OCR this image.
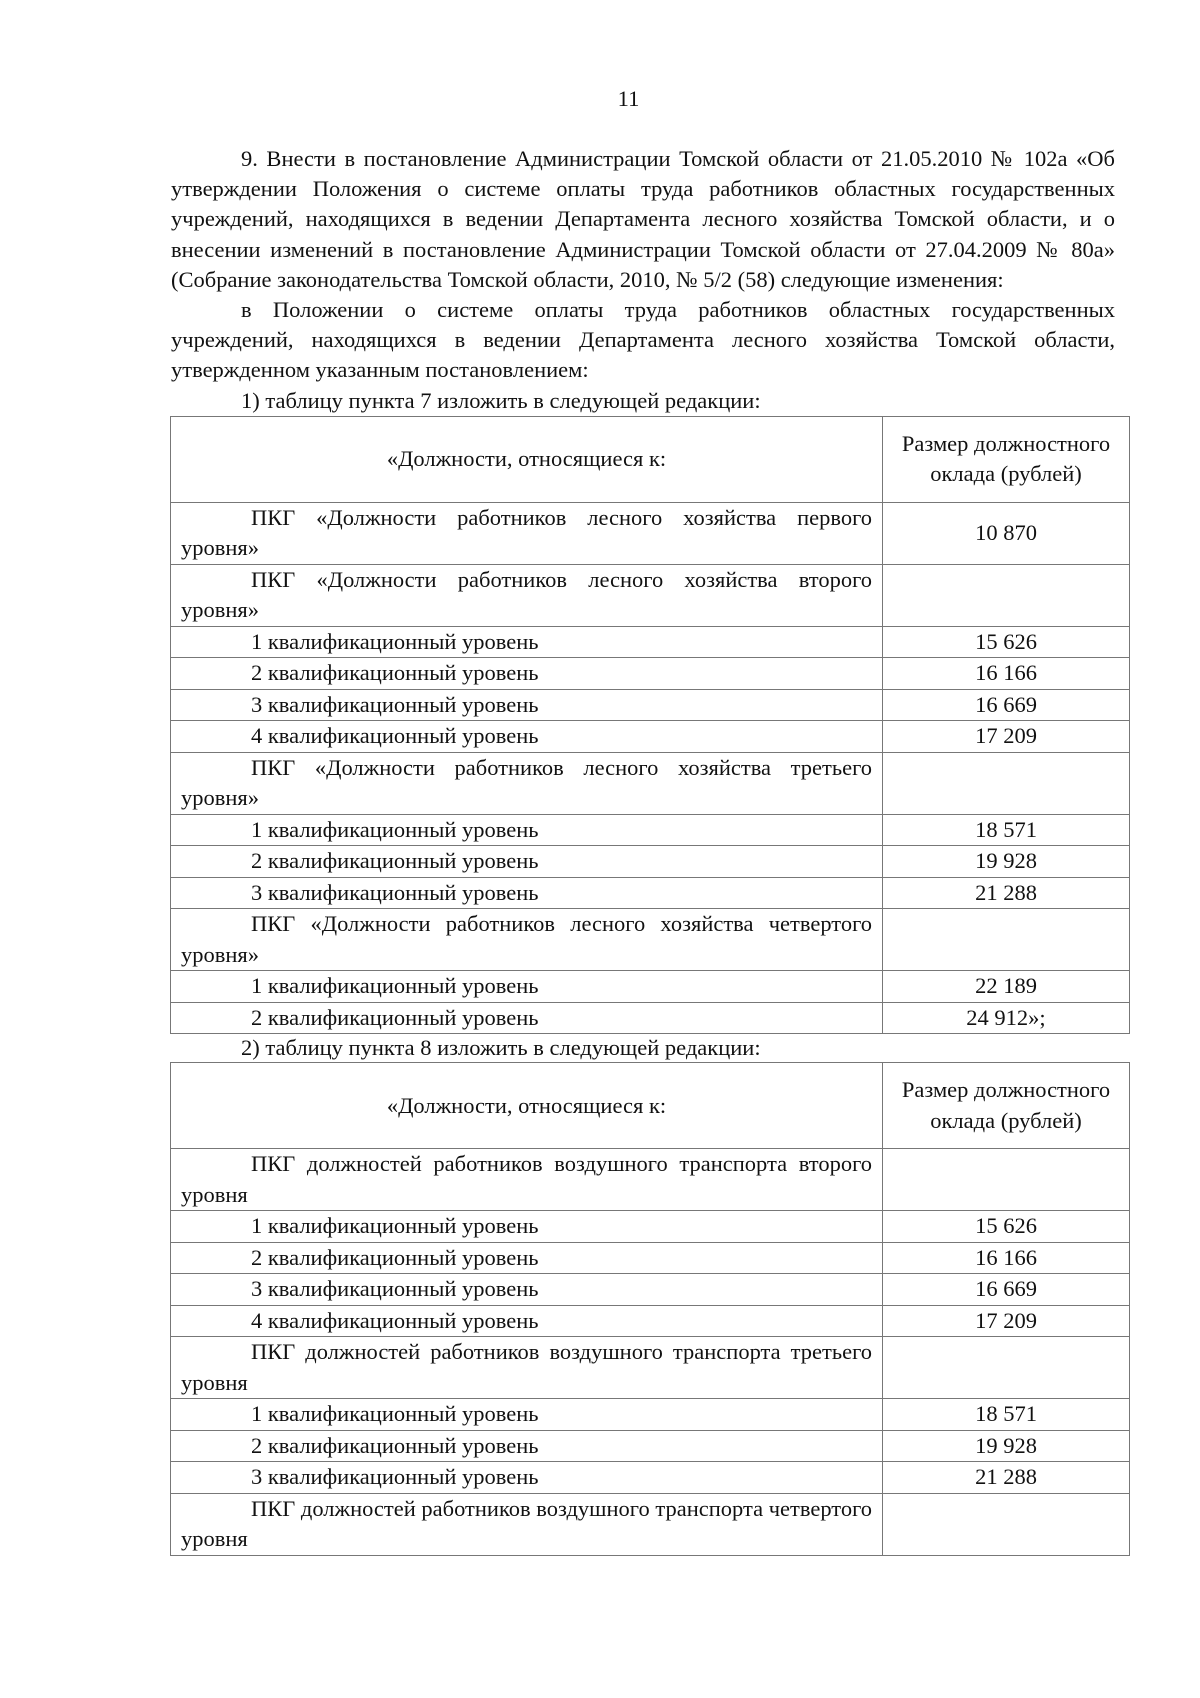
11

9. Внести в постановление Администрации Томской области от 21.05.2010 № 102а «Об утверждении Положения о системе оплаты труда работников областных государственных учреждений, находящихся в ведении Департамента лесного хозяйства Томской области, и о внесении изменений в постановление Администрации Томской области от 27.04.2009 № 80а» (Собрание законодательства Томской области, 2010, № 5/2 (58) следующие изменения:

в Положении о системе оплаты труда работников областных государственных учреждений, находящихся в ведении Департамента лесного хозяйства Томской области, утвержденном указанным постановлением:

1) таблицу пункта 7 изложить в следующей редакции:

«Должности, относящиеся к:	Размер должностного оклада (рублей)
ПКГ «Должности работников лесного хозяйства первого уровня»	10 870
ПКГ «Должности работников лесного хозяйства второго уровня»	
1 квалификационный уровень	15 626
2 квалификационный уровень	16 166
3 квалификационный уровень	16 669
4 квалификационный уровень	17 209
ПКГ «Должности работников лесного хозяйства третьего уровня»	
1 квалификационный уровень	18 571
2 квалификационный уровень	19 928
3 квалификационный уровень	21 288
ПКГ «Должности работников лесного хозяйства четвертого уровня»	
1 квалификационный уровень	22 189
2 квалификационный уровень	24 912»;

2) таблицу пункта 8 изложить в следующей редакции:

«Должности, относящиеся к:	Размер должностного оклада (рублей)
ПКГ должностей работников воздушного транспорта второго уровня	
1 квалификационный уровень	15 626
2 квалификационный уровень	16 166
3 квалификационный уровень	16 669
4 квалификационный уровень	17 209
ПКГ должностей работников воздушного транспорта третьего уровня	
1 квалификационный уровень	18 571
2 квалификационный уровень	19 928
3 квалификационный уровень	21 288
ПКГ должностей работников воздушного транспорта четвертого уровня	
